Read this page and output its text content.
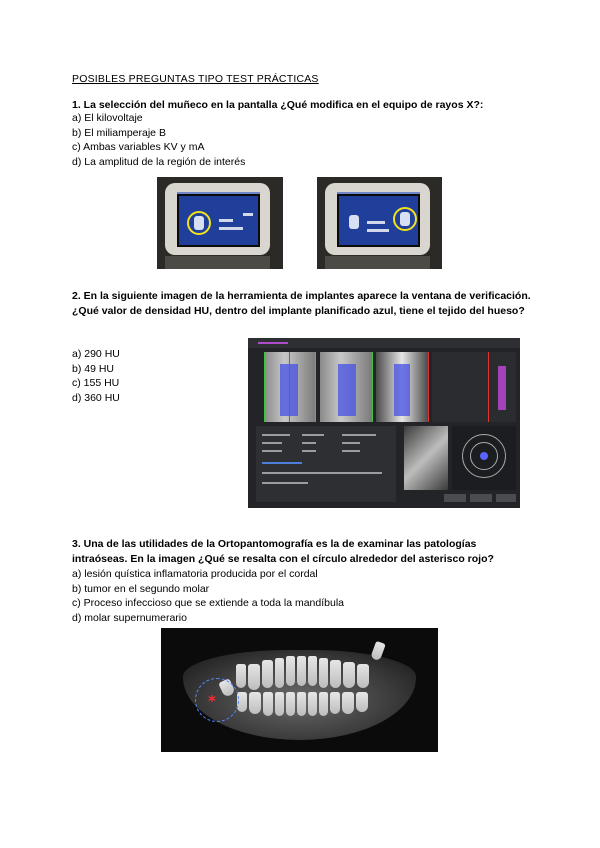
POSIBLES PREGUNTAS TIPO TEST PRÁCTICAS
1. La selección del muñeco en la pantalla ¿Qué modifica en el equipo de rayos X?:
a) El kilovoltaje
b) El miliamperaje B
c) Ambas variables KV y mA
d) La amplitud de la región de interés
2. En la siguiente imagen de la herramienta de implantes aparece la ventana de verificación. ¿Qué valor de densidad HU, dentro del implante planificado azul, tiene el tejido del hueso?
a) 290 HU
b) 49 HU
c) 155 HU
d) 360 HU
3. Una de las utilidades de la Ortopantomografía es la de examinar las patologías intraóseas. En la imagen ¿Qué se resalta con el círculo alrededor del asterisco rojo?
a) lesión quística inflamatoria producida por el cordal
b) tumor en el segundo molar
c) Proceso infeccioso que se extiende a toda la mandíbula
d) molar supernumerario
*
